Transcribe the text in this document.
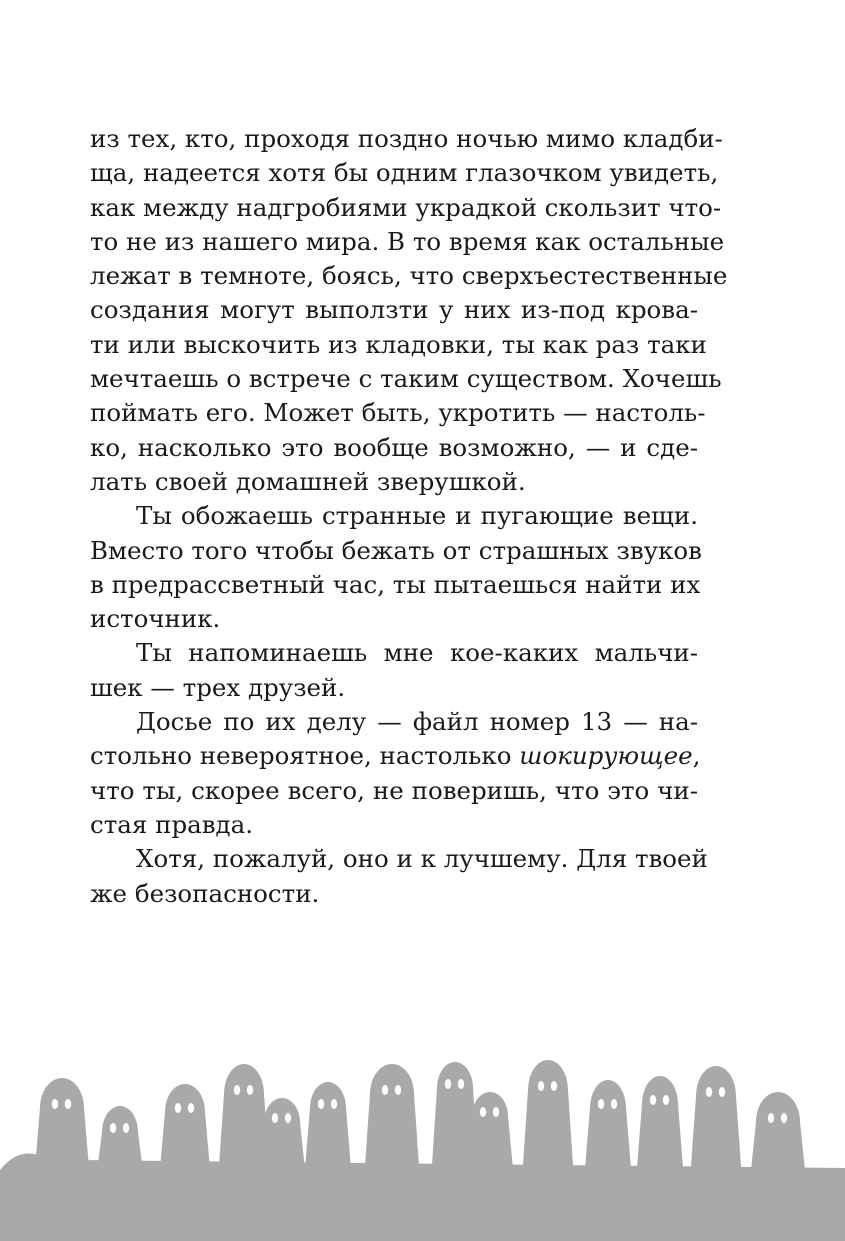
из тех, кто, проходя поздно ночью мимо кладби-
ща, надеется хотя бы одним глазочком увидеть,
как между надгробиями украдкой скользит что-
то не из нашего мира. В то время как остальные
лежат в темноте, боясь, что сверхъестественные
создания могут выползти у них из-под крова-
ти или выскочить из кладовки, ты как раз таки
мечтаешь о встрече с таким существом. Хочешь
поймать его. Может быть, укротить — настоль-
ко, насколько это вообще возможно, — и сде-
лать своей домашней зверушкой.
Ты обожаешь странные и пугающие вещи.
Вместо того чтобы бежать от страшных звуков
в предрассветный час, ты пытаешься найти их
источник.
Ты напоминаешь мне кое-каких мальчи-
шек — трех друзей.
Досье по их делу — файл номер 13 — на-
стольно невероятное, настолько шокирующее,
что ты, скорее всего, не поверишь, что это чи-
стая правда.
Хотя, пожалуй, оно и к лучшему. Для твоей
же безопасности.
7
